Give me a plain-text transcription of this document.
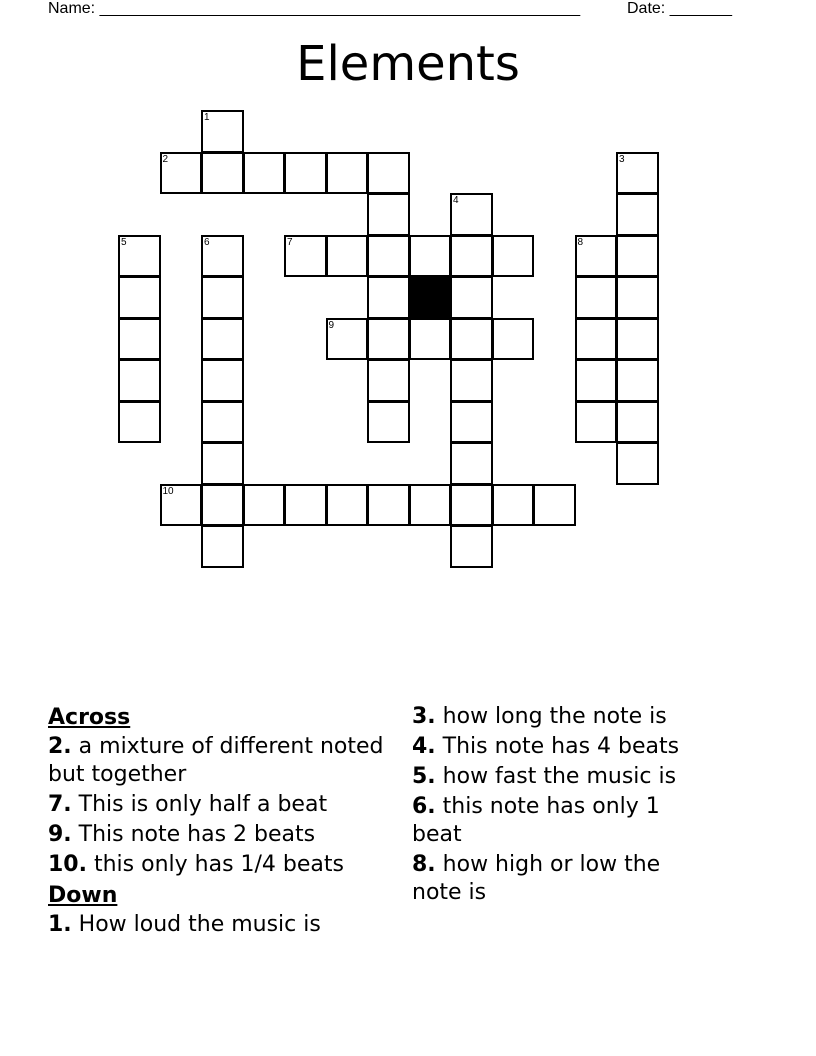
Name: ______________________________________________________	Date: _______
Elements
1
2	3
4
5	6	7	8
9
10
Across
2. a mixture of different noted but together
7. This is only half a beat
9. This note has 2 beats
10. this only has 1/4 beats
Down
1. How loud the music is
3. how long the note is
4. This note has 4 beats
5. how fast the music is
6. this note has only 1 beat
8. how high or low the note is
